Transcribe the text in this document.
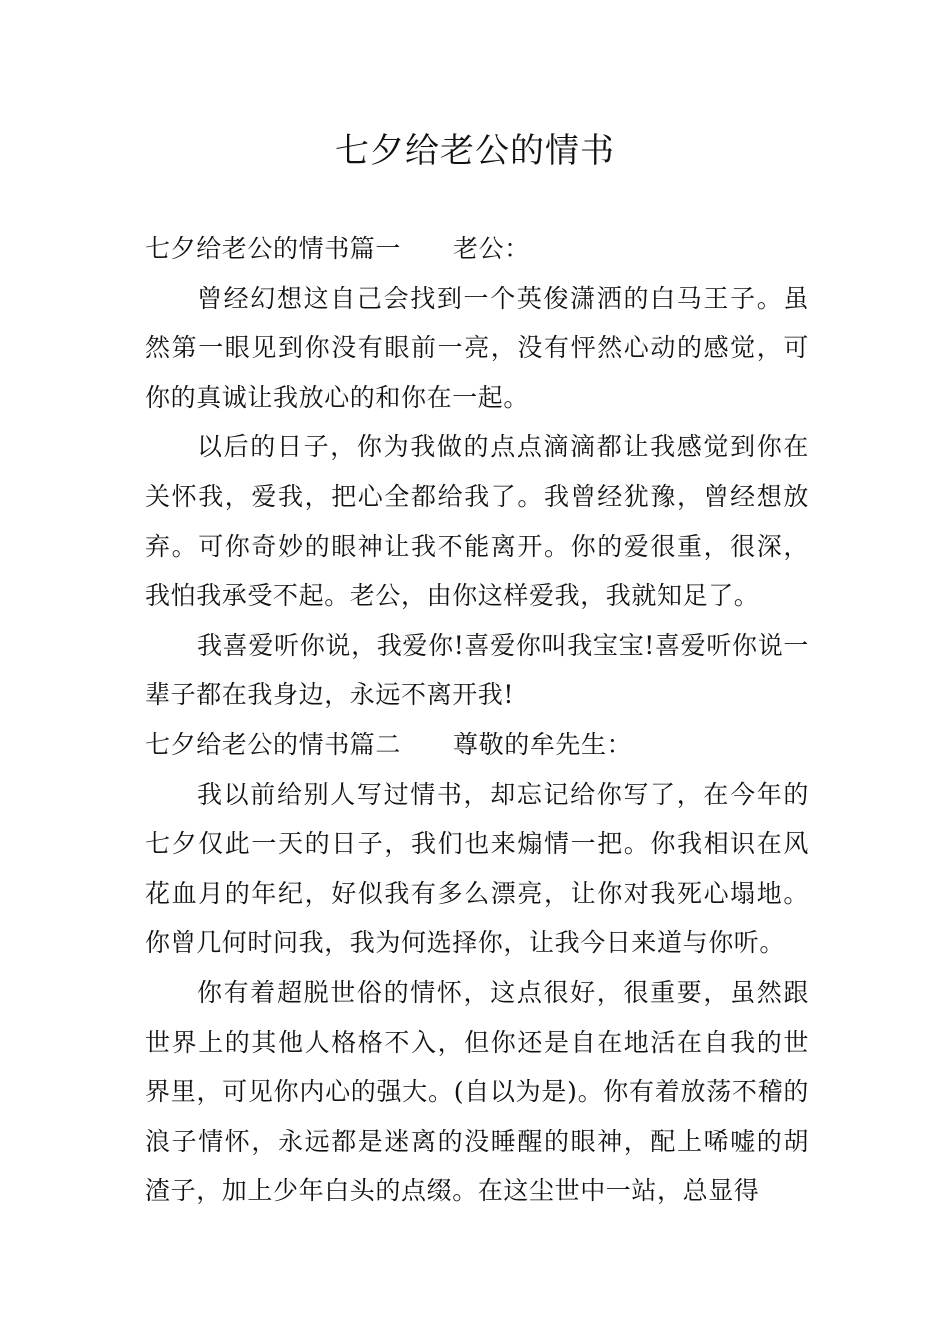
七夕给老公的情书

七夕给老公的情书篇一 老公：

曾经幻想这自己会找到一个英俊潇洒的白马王子。虽然第一眼见到你没有眼前一亮，没有怦然心动的感觉，可你的真诚让我放心的和你在一起。

以后的日子，你为我做的点点滴滴都让我感觉到你在关怀我，爱我，把心全都给我了。我曾经犹豫，曾经想放弃。可你奇妙的眼神让我不能离开。你的爱很重，很深，我怕我承受不起。老公，由你这样爱我，我就知足了。

我喜爱听你说，我爱你!喜爱你叫我宝宝!喜爱听你说一辈子都在我身边，永远不离开我!

七夕给老公的情书篇二 尊敬的牟先生：

我以前给别人写过情书，却忘记给你写了，在今年的七夕仅此一天的日子，我们也来煽情一把。你我相识在风花血月的年纪，好似我有多么漂亮，让你对我死心塌地。你曾几何时问我，我为何选择你，让我今日来道与你听。

你有着超脱世俗的情怀，这点很好，很重要，虽然跟世界上的其他人格格不入，但你还是自在地活在自我的世界里，可见你内心的强大。(自以为是)。你有着放荡不稽的浪子情怀，永远都是迷离的没睡醒的眼神，配上唏嘘的胡渣子，加上少年白头的点缀。在这尘世中一站，总显得
